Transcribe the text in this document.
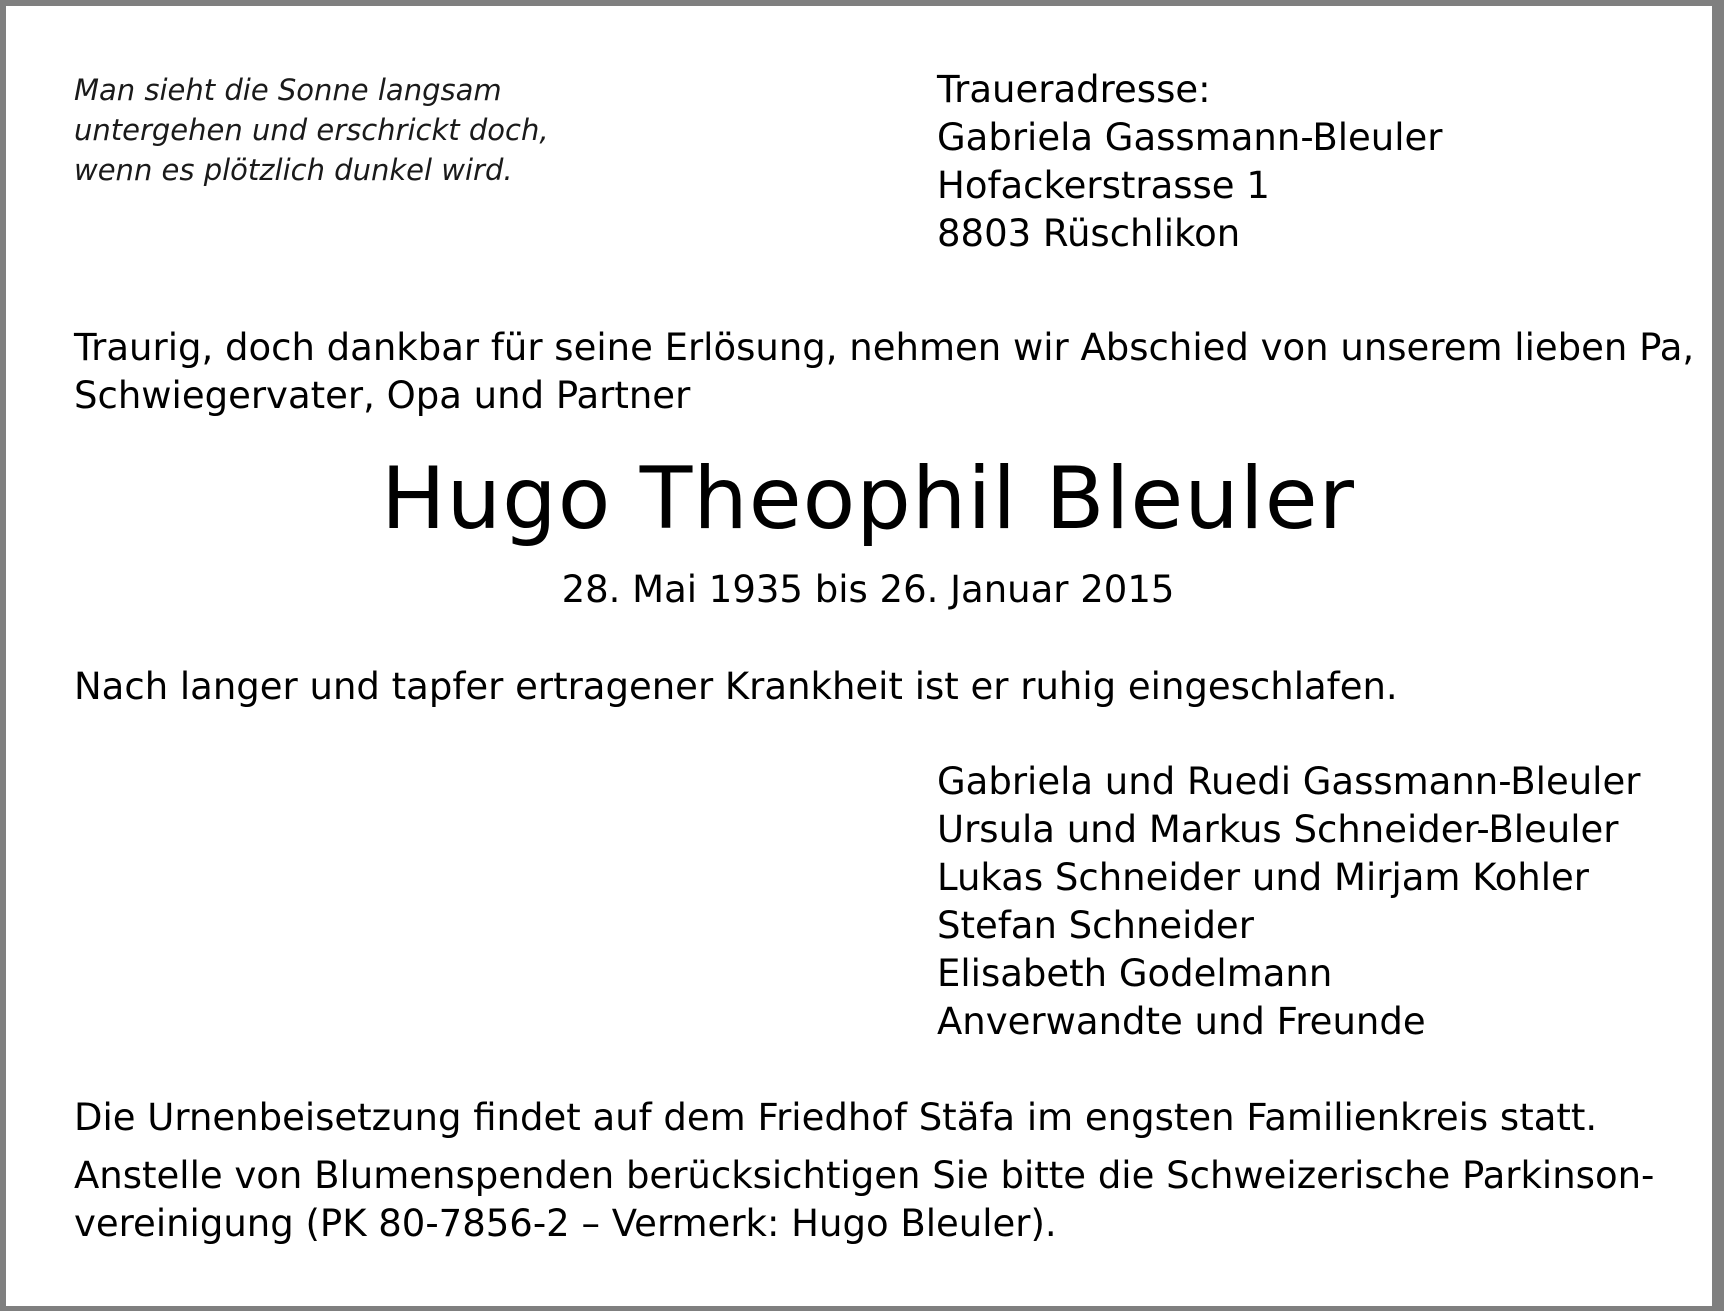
Man sieht die Sonne langsam
untergehen und erschrickt doch,
wenn es plötzlich dunkel wird.
Traueradresse:
Gabriela Gassmann-Bleuler
Hofackerstrasse 1
8803 Rüschlikon
Traurig, doch dankbar für seine Erlösung, nehmen wir Abschied von unserem lieben Pa,
Schwiegervater, Opa und Partner
Hugo Theophil Bleuler
28. Mai 1935 bis 26. Januar 2015
Nach langer und tapfer ertragener Krankheit ist er ruhig eingeschlafen.
Gabriela und Ruedi Gassmann-Bleuler
Ursula und Markus Schneider-Bleuler
Lukas Schneider und Mirjam Kohler
Stefan Schneider
Elisabeth Godelmann
Anverwandte und Freunde
Die Urnenbeisetzung findet auf dem Friedhof Stäfa im engsten Familienkreis statt.
Anstelle von Blumenspenden berücksichtigen Sie bitte die Schweizerische Parkinson-
vereinigung (PK 80-7856-2 – Vermerk: Hugo Bleuler).
